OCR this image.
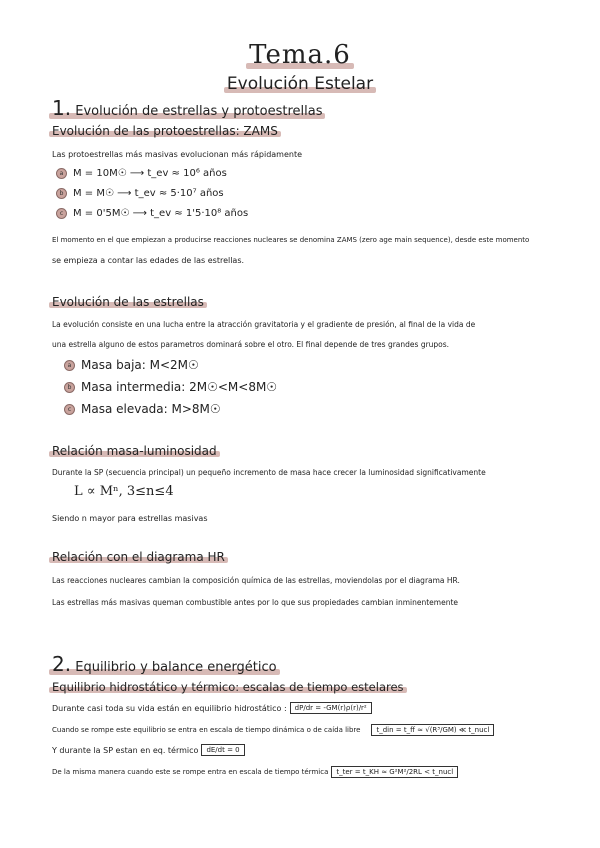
Tema.6
Evolución Estelar
1. Evolución de estrellas y protoestrellas
Evolución de las protoestrellas: ZAMS
Las protoestrellas más masivas evolucionan más rápidamente
a M = 10M☉ ⟶ t_ev ≈ 10⁶ años
b M = M☉ ⟶ t_ev ≈ 5·10⁷ años
c M = 0'5M☉ ⟶ t_ev ≈ 1'5·10⁸ años
El momento en el que empiezan a producirse reacciones nucleares se denomina ZAMS (zero age main sequence), desde este momento
se empieza a contar las edades de las estrellas.
Evolución de las estrellas
La evolución consiste en una lucha entre la atracción gravitatoria y el gradiente de presión, al final de la vida de
una estrella alguno de estos parametros dominará sobre el otro. El final depende de tres grandes grupos.
a Masa baja: M<2M☉
b Masa intermedia: 2M☉<M<8M☉
c Masa elevada: M>8M☉
Relación masa-luminosidad
Durante la SP (secuencia principal) un pequeño incremento de masa hace crecer la luminosidad significativamente
L ∝ Mⁿ, 3≤n≤4
Siendo n mayor para estrellas masivas
Relación con el diagrama HR
Las reacciones nucleares cambian la composición química de las estrellas, moviendolas por el diagrama HR.
Las estrellas más masivas queman combustible antes por lo que sus propiedades cambian inminentemente
2. Equilibrio y balance energético
Equilibrio hidrostático y térmico: escalas de tiempo estelares
Durante casi toda su vida están en equilibrio hidrostático :	dP/dr = -GM(r)ρ(r)/r²
Cuando se rompe este equilibrio se entra en escala de tiempo dinámica o de caída libre	t_din = t_ff ≈ √(R³/GM) ≪ t_nucl
Y durante la SP estan en eq. térmico	dE/dt = 0
De la misma manera cuando este se rompe entra en escala de tiempo térmica	t_ter = t_KH ≈ G²M²/2RL < t_nucl
